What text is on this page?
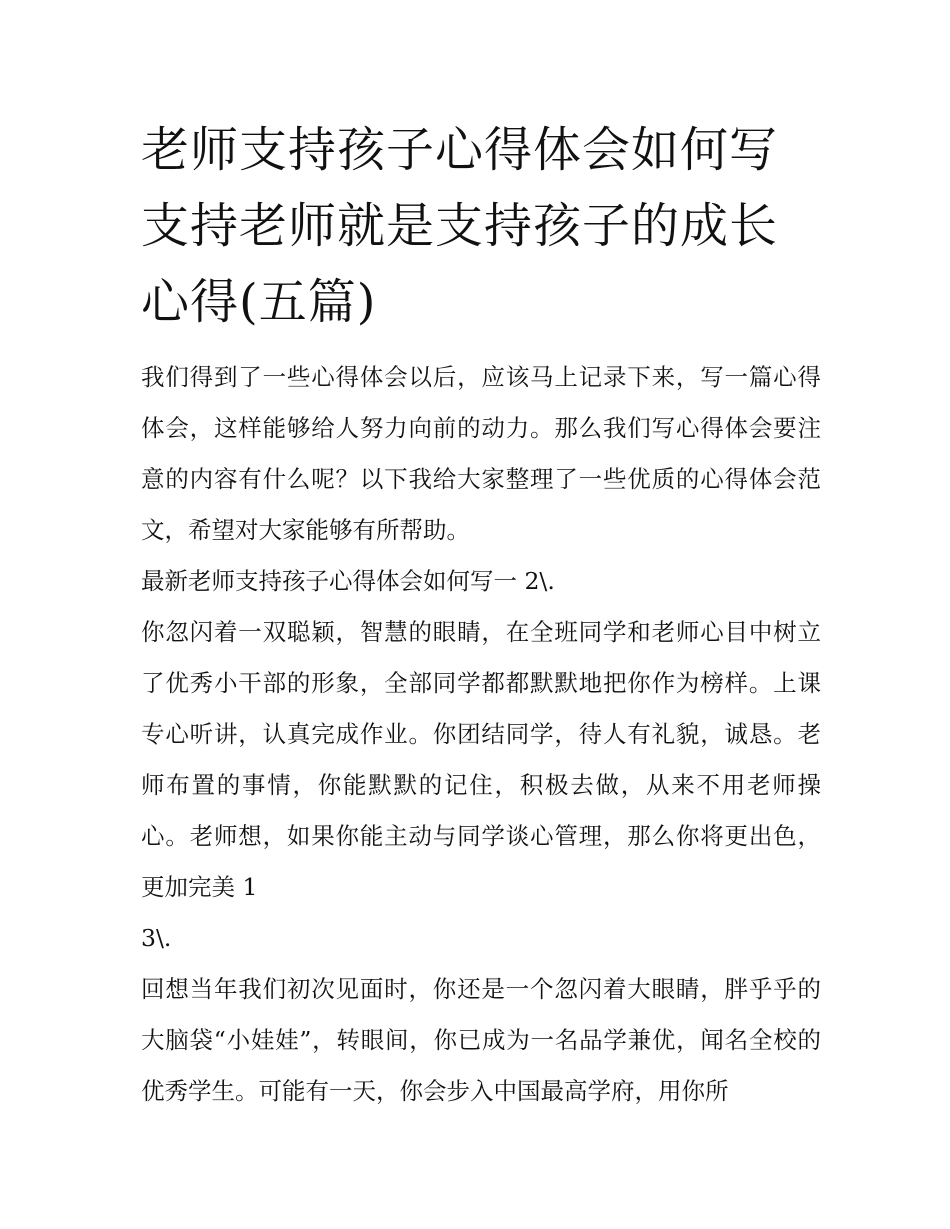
老师支持孩子心得体会如何写
支持老师就是支持孩子的成长
心得(五篇)

我们得到了一些心得体会以后，应该马上记录下来，写一篇心得体会，这样能够给人努力向前的动力。那么我们写心得体会要注意的内容有什么呢？以下我给大家整理了一些优质的心得体会范文，希望对大家能够有所帮助。

最新老师支持孩子心得体会如何写一 2\.

你忽闪着一双聪颖，智慧的眼睛，在全班同学和老师心目中树立了优秀小干部的形象，全部同学都都默默地把你作为榜样。上课专心听讲，认真完成作业。你团结同学，待人有礼貌，诚恳。老师布置的事情，你能默默的记住，积极去做，从来不用老师操心。老师想，如果你能主动与同学谈心管理，那么你将更出色，更加完美 1

3\.

回想当年我们初次见面时，你还是一个忽闪着大眼睛，胖乎乎的大脑袋“小娃娃”，转眼间，你已成为一名品学兼优，闻名全校的优秀学生。可能有一天，你会步入中国最高学府，用你所
